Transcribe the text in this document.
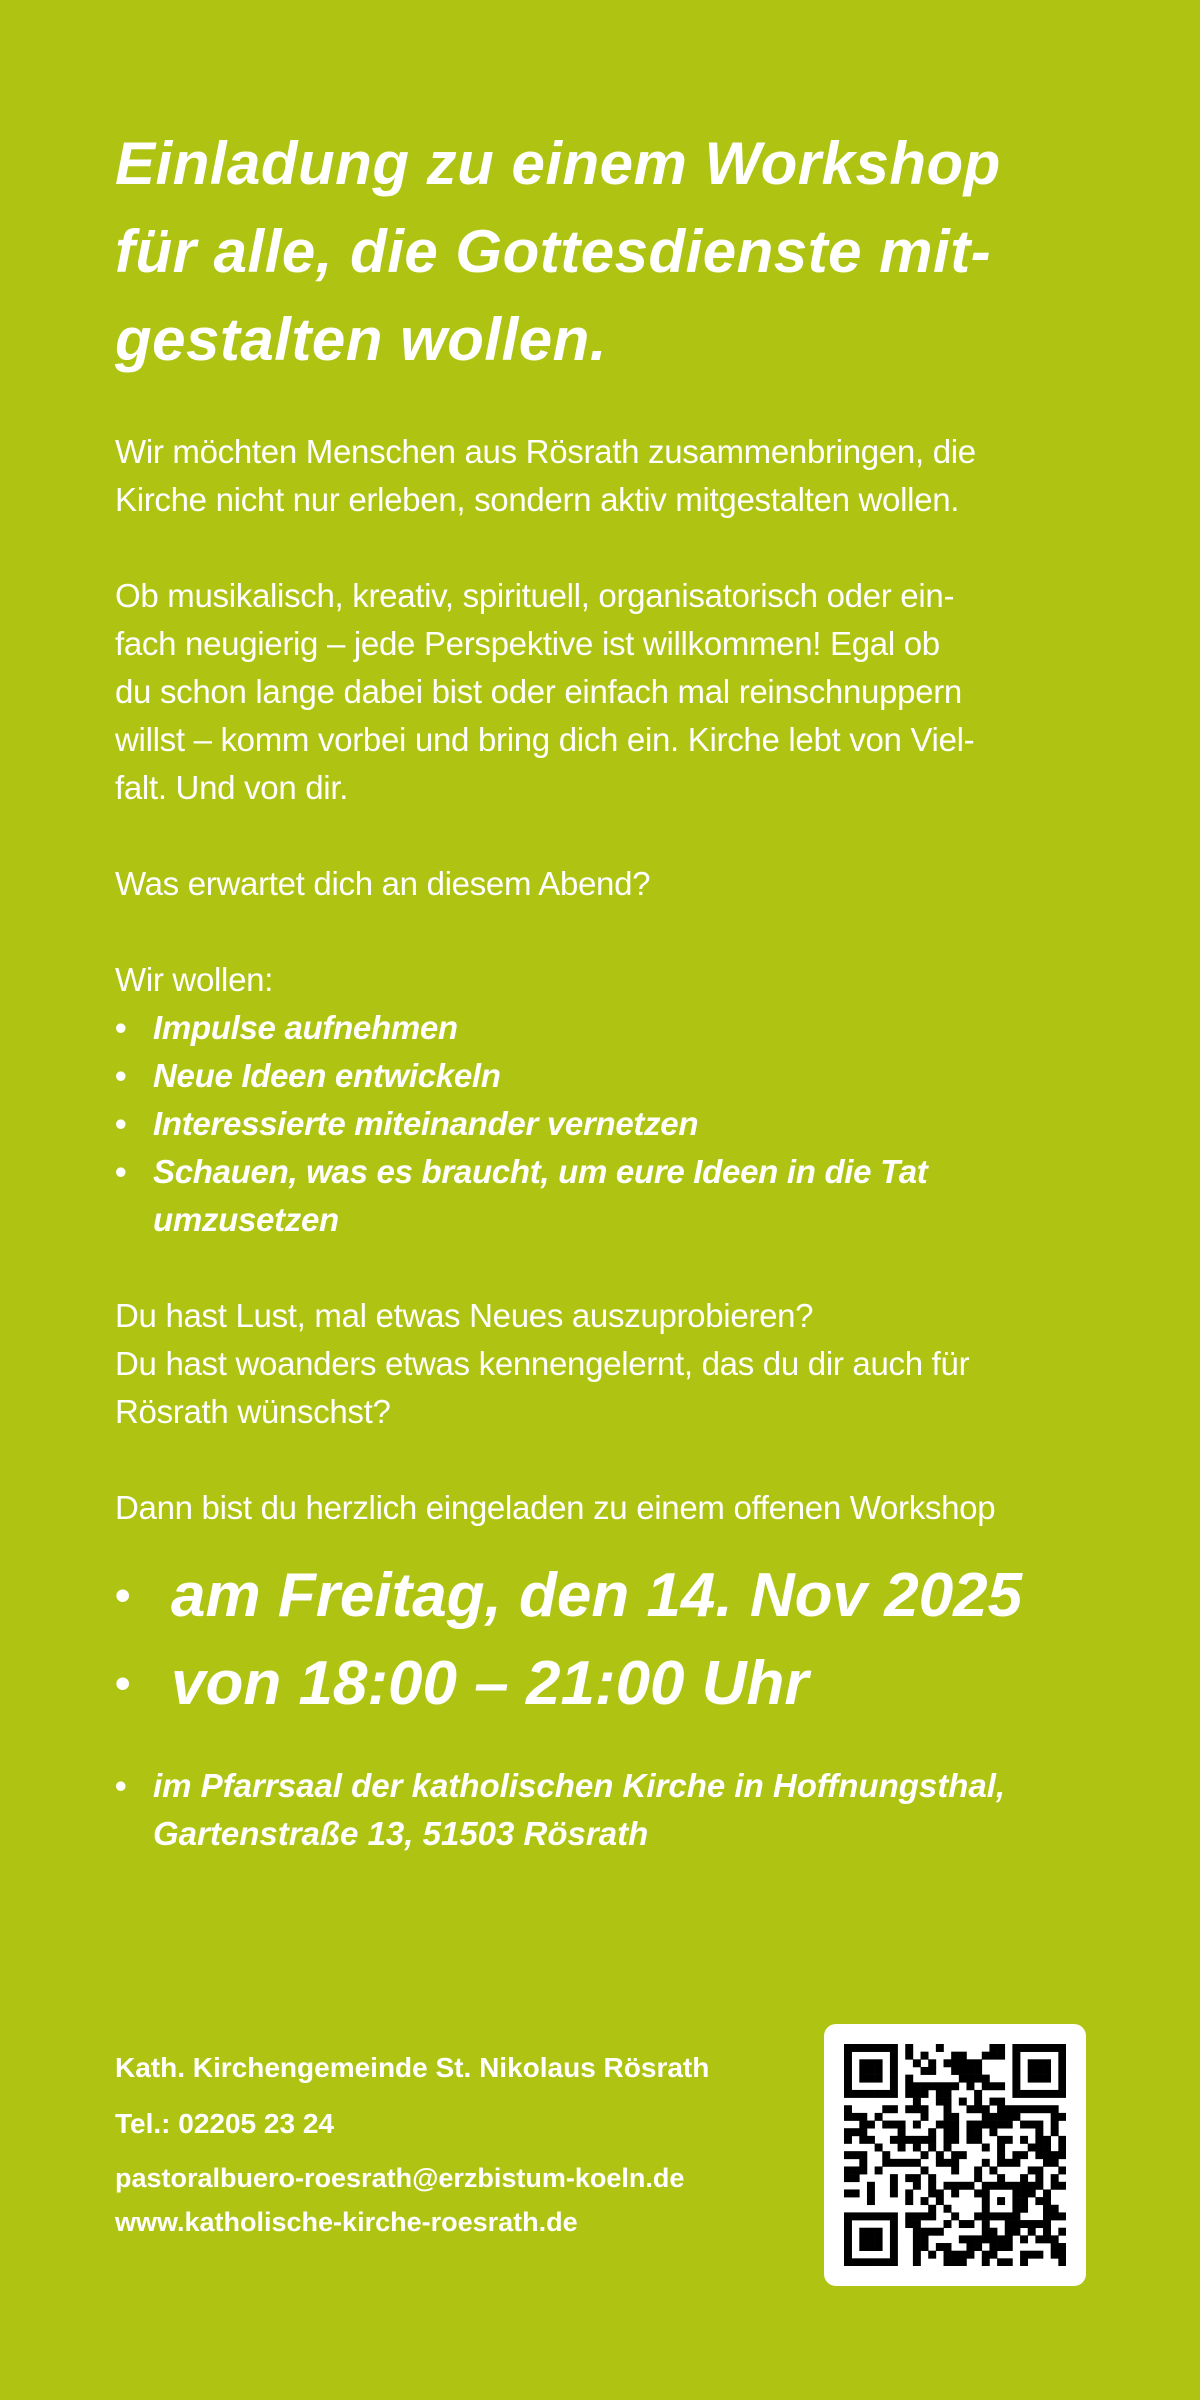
Einladung zu einem Workshop
für alle, die Gottesdienste mit-
gestalten wollen.
Wir möchten Menschen aus Rösrath zusammenbringen, die
Kirche nicht nur erleben, sondern aktiv mitgestalten wollen.
Ob musikalisch, kreativ, spirituell, organisatorisch oder ein-
fach neugierig – jede Perspektive ist willkommen! Egal ob
du schon lange dabei bist oder einfach mal reinschnuppern
willst – komm vorbei und bring dich ein. Kirche lebt von Viel-
falt. Und von dir.
Was erwartet dich an diesem Abend?
Wir wollen:
• Impulse aufnehmen
• Neue Ideen entwickeln
• Interessierte miteinander vernetzen
• Schauen, was es braucht, um eure Ideen in die Tat umzusetzen
Du hast Lust, mal etwas Neues auszuprobieren?
Du hast woanders etwas kennengelernt, das du dir auch für
Rösrath wünschst?
Dann bist du herzlich eingeladen zu einem offenen Workshop
• am Freitag, den 14. Nov 2025
• von 18:00 – 21:00 Uhr
• im Pfarrsaal der katholischen Kirche in Hoffnungsthal,
Gartenstraße 13, 51503 Rösrath
Kath. Kirchengemeinde St. Nikolaus Rösrath
Tel.: 02205 23 24
pastoralbuero-roesrath@erzbistum-koeln.de
www.katholische-kirche-roesrath.de
